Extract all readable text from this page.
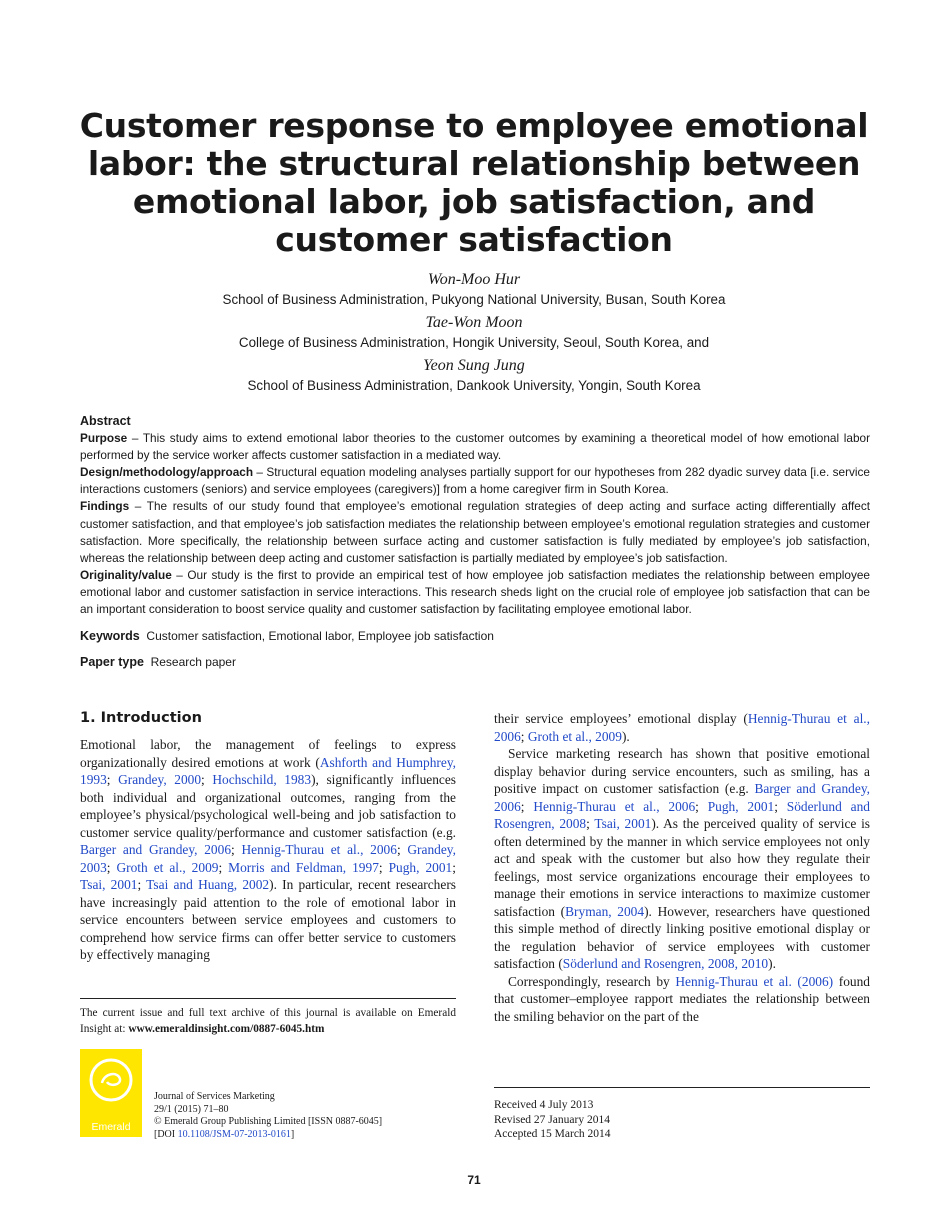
Customer response to employee emotional
labor: the structural relationship between
emotional labor, job satisfaction, and
customer satisfaction
Won-Moo Hur
School of Business Administration, Pukyong National University, Busan, South Korea
Tae-Won Moon
College of Business Administration, Hongik University, Seoul, South Korea, and
Yeon Sung Jung
School of Business Administration, Dankook University, Yongin, South Korea
Abstract

Purpose – This study aims to extend emotional labor theories to the customer outcomes by examining a theoretical model of how emotional labor performed by the service worker affects customer satisfaction in a mediated way.

Design/methodology/approach – Structural equation modeling analyses partially support for our hypotheses from 282 dyadic survey data [i.e. service interactions customers (seniors) and service employees (caregivers)] from a home caregiver firm in South Korea.

Findings – The results of our study found that employee’s emotional regulation strategies of deep acting and surface acting differentially affect customer satisfaction, and that employee’s job satisfaction mediates the relationship between employee’s emotional regulation strategies and customer satisfaction. More specifically, the relationship between surface acting and customer satisfaction is fully mediated by employee’s job satisfaction, whereas the relationship between deep acting and customer satisfaction is partially mediated by employee’s job satisfaction.

Originality/value – Our study is the first to provide an empirical test of how employee job satisfaction mediates the relationship between employee emotional labor and customer satisfaction in service interactions. This research sheds light on the crucial role of employee job satisfaction that can be an important consideration to boost service quality and customer satisfaction by facilitating employee emotional labor.

Keywords Customer satisfaction, Emotional labor, Employee job satisfaction
Paper type Research paper
1. Introduction

Emotional labor, the management of feelings to express organizationally desired emotions at work (Ashforth and Humphrey, 1993; Grandey, 2000; Hochschild, 1983), significantly influences both individual and organizational outcomes, ranging from the employee’s physical/psychological well-being and job satisfaction to customer service quality/performance and customer satisfaction (e.g. Barger and Grandey, 2006; Hennig-Thurau et al., 2006; Grandey, 2003; Groth et al., 2009; Morris and Feldman, 1997; Pugh, 2001; Tsai, 2001; Tsai and Huang, 2002). In particular, recent researchers have increasingly paid attention to the role of emotional labor in service encounters between service employees and customers to comprehend how service firms can offer better service to customers by effectively managing

their service employees’ emotional display (Hennig-Thurau et al., 2006; Groth et al., 2009).

Service marketing research has shown that positive emotional display behavior during service encounters, such as smiling, has a positive impact on customer satisfaction (e.g. Barger and Grandey, 2006; Hennig-Thurau et al., 2006; Pugh, 2001; Söderlund and Rosengren, 2008; Tsai, 2001). As the perceived quality of service is often determined by the manner in which service employees not only act and speak with the customer but also how they regulate their feelings, most service organizations encourage their employees to manage their emotions in service interactions to maximize customer satisfaction (Bryman, 2004). However, researchers have questioned this simple method of directly linking positive emotional display or the regulation behavior of service employees with customer satisfaction (Söderlund and Rosengren, 2008, 2010).

Correspondingly, research by Hennig-Thurau et al. (2006) found that customer–employee rapport mediates the relationship between the smiling behavior on the part of the

The current issue and full text archive of this journal is available on Emerald Insight at: www.emeraldinsight.com/0887-6045.htm
Emerald
Journal of Services Marketing
29/1 (2015) 71–80
© Emerald Group Publishing Limited [ISSN 0887-6045]
[DOI 10.1108/JSM-07-2013-0161]
Received 4 July 2013
Revised 27 January 2014
Accepted 15 March 2014
71
